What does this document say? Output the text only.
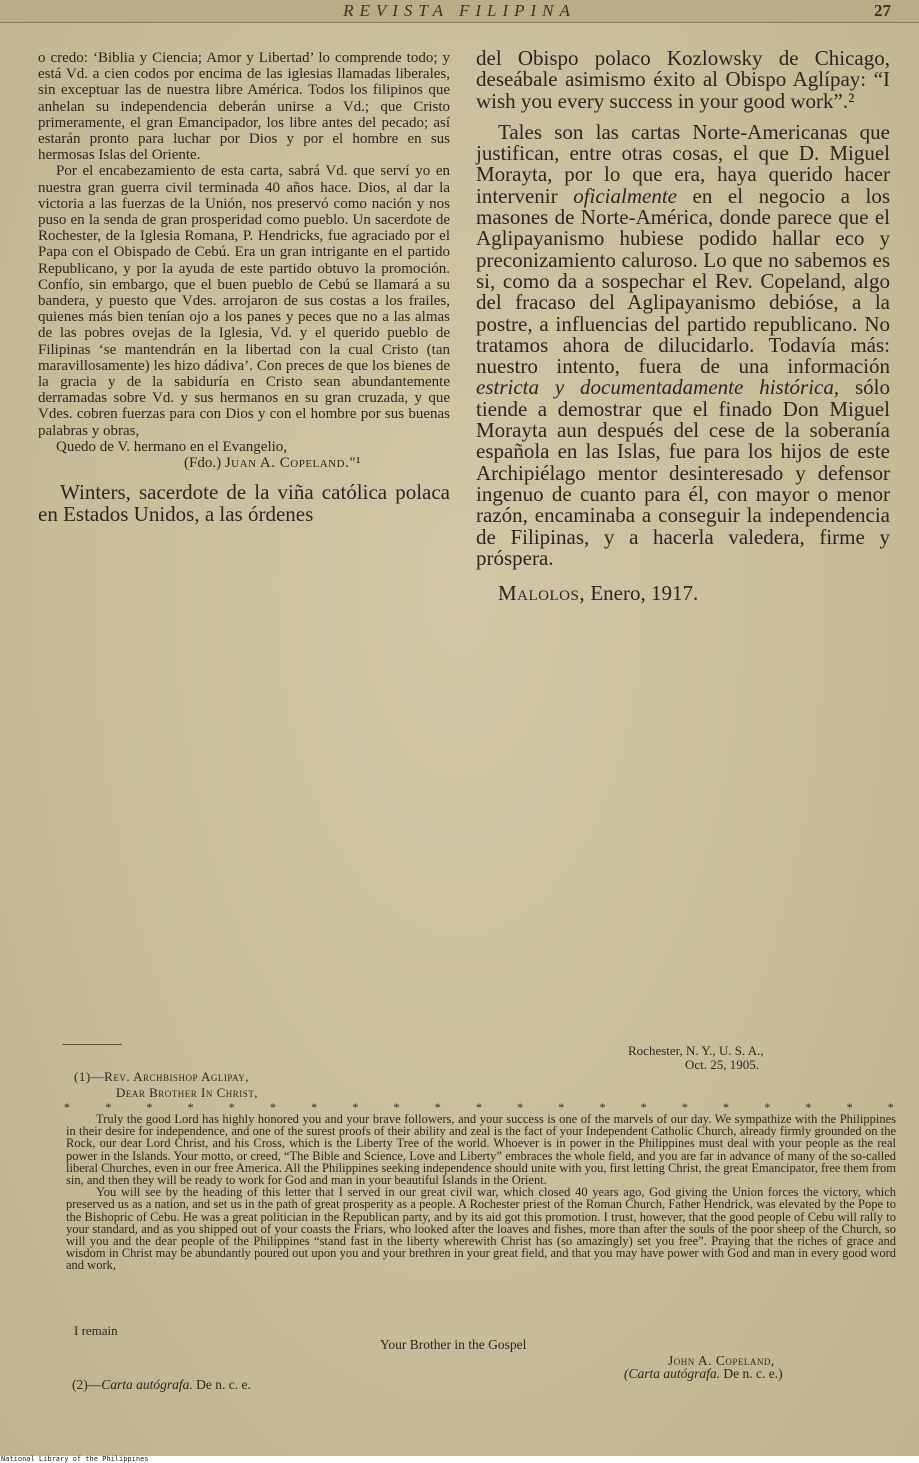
REVISTA FILIPINA	27

o credo: ‘Biblia y Ciencia; Amor y Libertad’ lo comprende todo; y está Vd. a cien codos por encima de las iglesias llamadas liberales, sin exceptuar las de nuestra libre América. Todos los filipinos que anhelan su independencia deberán unirse a Vd.; que Cristo primeramente, el gran Emancipador, los libre antes del pecado; así estarán pronto para luchar por Dios y por el hombre en sus hermosas Islas del Oriente.

Por el encabezamiento de esta carta, sabrá Vd. que serví yo en nuestra gran guerra civil terminada 40 años hace. Dios, al dar la victoria a las fuerzas de la Unión, nos preservó como nación y nos puso en la senda de gran prosperidad como pueblo. Un sacerdote de Rochester, de la Iglesia Romana, P. Hendricks, fue agraciado por el Papa con el Obispado de Cebú. Era un gran intrigante en el partido Republicano, y por la ayuda de este partido obtuvo la promoción. Confío, sin embargo, que el buen pueblo de Cebú se llamará a su bandera, y puesto que Vdes. arrojaron de sus costas a los frailes, quienes más bien tenían ojo a los panes y peces que no a las almas de las pobres ovejas de la Iglesia, Vd. y el querido pueblo de Filipinas ‘se mantendrán en la libertad con la cual Cristo (tan maravillosamente) les hizo dádiva’. Con preces de que los bienes de la gracia y de la sabiduría en Cristo sean abundantemente derramadas sobre Vd. y sus hermanos en su gran cruzada, y que Vdes. cobren fuerzas para con Dios y con el hombre por sus buenas palabras y obras,

Quedo de V. hermano en el Evangelio,
(Fdo.) Juan A. Copeland."¹

Winters, sacerdote de la viña católica polaca en Estados Unidos, a las órdenes

del Obispo polaco Kozlowsky de Chicago, deseábale asimismo éxito al Obispo Aglípay: “I wish you every success in your good work”.²

Tales son las cartas Norte-Americanas que justifican, entre otras cosas, el que D. Miguel Morayta, por lo que era, haya querido hacer intervenir oficialmente en el negocio a los masones de Norte-América, donde parece que el Aglipayanismo hubiese podido hallar eco y preconizamiento caluroso. Lo que no sabemos es si, como da a sospechar el Rev. Copeland, algo del fracaso del Aglipayanismo debióse, a la postre, a influencias del partido republicano. No tratamos ahora de dilucidarlo. Todavía más: nuestro intento, fuera de una información estricta y documentadamente histórica, sólo tiende a demostrar que el finado Don Miguel Morayta aun después del cese de la soberanía española en las Islas, fue para los hijos de este Archipiélago mentor desinteresado y defensor ingenuo de cuanto para él, con mayor o menor razón, encaminaba a conseguir la independencia de Filipinas, y a hacerla valedera, firme y próspera.

Malolos, Enero, 1917.

Rochester, N. Y., U. S. A.,
Oct. 25, 1905.
(1)—Rev. Archbishop Aglipay,
Dear Brother In Christ,
*	*	*	*	*	*	*	*	*	*	*	*	*	*	*	*	*	*	*	*	*

Truly the good Lord has highly honored you and your brave followers, and your success is one of the marvels of our day. We sympathize with the Philippines in their desire for independence, and one of the surest proofs of their ability and zeal is the fact of your Independent Catholic Church, already firmly grounded on the Rock, our dear Lord Christ, and his Cross, which is the Liberty Tree of the world. Whoever is in power in the Philippines must deal with your people as the real power in the Islands. Your motto, or creed, “The Bible and Science, Love and Liberty” embraces the whole field, and you are far in advance of many of the so-called liberal Churches, even in our free America. All the Philippines seeking independence should unite with you, first letting Christ, the great Emancipator, free them from sin, and then they will be ready to work for God and man in your beautiful Islands in the Orient.

You will see by the heading of this letter that I served in our great civil war, which closed 40 years ago, God giving the Union forces the victory, which preserved us as a nation, and set us in the path of great prosperity as a people. A Rochester priest of the Roman Church, Father Hendrick, was elevated by the Pope to the Bishopric of Cebu. He was a great politician in the Republican party, and by its aid got this promotion. I trust, however, that the good people of Cebu will rally to your standard, and as you shipped out of your coasts the Friars, who looked after the loaves and fishes, more than after the souls of the poor sheep of the Church, so will you and the dear people of the Philippines “stand fast in the liberty wherewith Christ has (so amazingly) set you free”. Praying that the riches of grace and wisdom in Christ may be abundantly poured out upon you and your brethren in your great field, and that you may have power with God and man in every good word and work,

I remain
Your Brother in the Gospel
John A. Copeland,
(Carta autógrafa. De n. c. e.)
(2)—Carta autógrafa. De n. c. e.
National Library of the Philippines
